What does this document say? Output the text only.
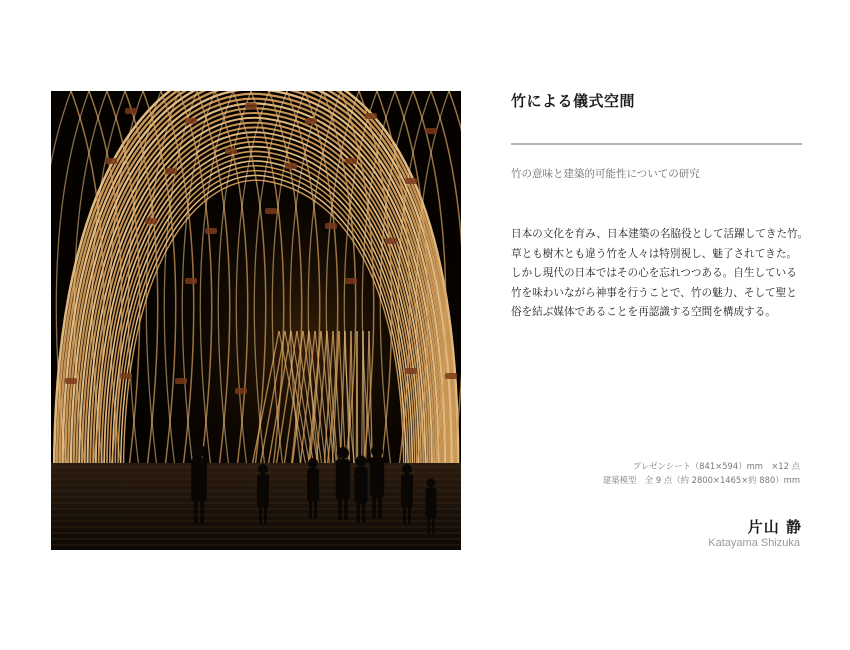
竹による儀式空間
竹の意味と建築的可能性についての研究
日本の文化を育み、日本建築の名脇役として活躍してきた竹。
草とも樹木とも違う竹を人々は特別視し、魅了されてきた。
しかし現代の日本ではその心を忘れつつある。自生している
竹を味わいながら神事を行うことで、竹の魅力、そして聖と
俗を結ぶ媒体であることを再認識する空間を構成する。
プレゼンシート（841×594）mm　×12 点
建築模型　全 9 点（約 2800×1465×約 880）mm
片山 静
Katayama Shizuka
